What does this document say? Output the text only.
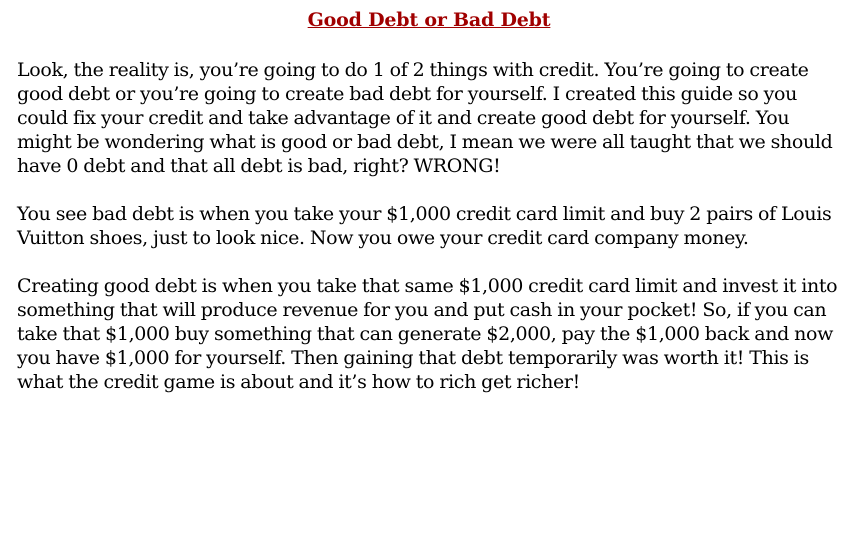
Good Debt or Bad Debt

Look, the reality is, you’re going to do 1 of 2 things with credit. You’re going to create good debt or you’re going to create bad debt for yourself. I created this guide so you could fix your credit and take advantage of it and create good debt for yourself. You might be wondering what is good or bad debt, I mean we were all taught that we should have 0 debt and that all debt is bad, right? WRONG!

You see bad debt is when you take your $1,000 credit card limit and buy 2 pairs of Louis Vuitton shoes, just to look nice. Now you owe your credit card company money.

Creating good debt is when you take that same $1,000 credit card limit and invest it into something that will produce revenue for you and put cash in your pocket! So, if you can take that $1,000 buy something that can generate $2,000, pay the $1,000 back and now you have $1,000 for yourself. Then gaining that debt temporarily was worth it! This is what the credit game is about and it’s how to rich get richer!
